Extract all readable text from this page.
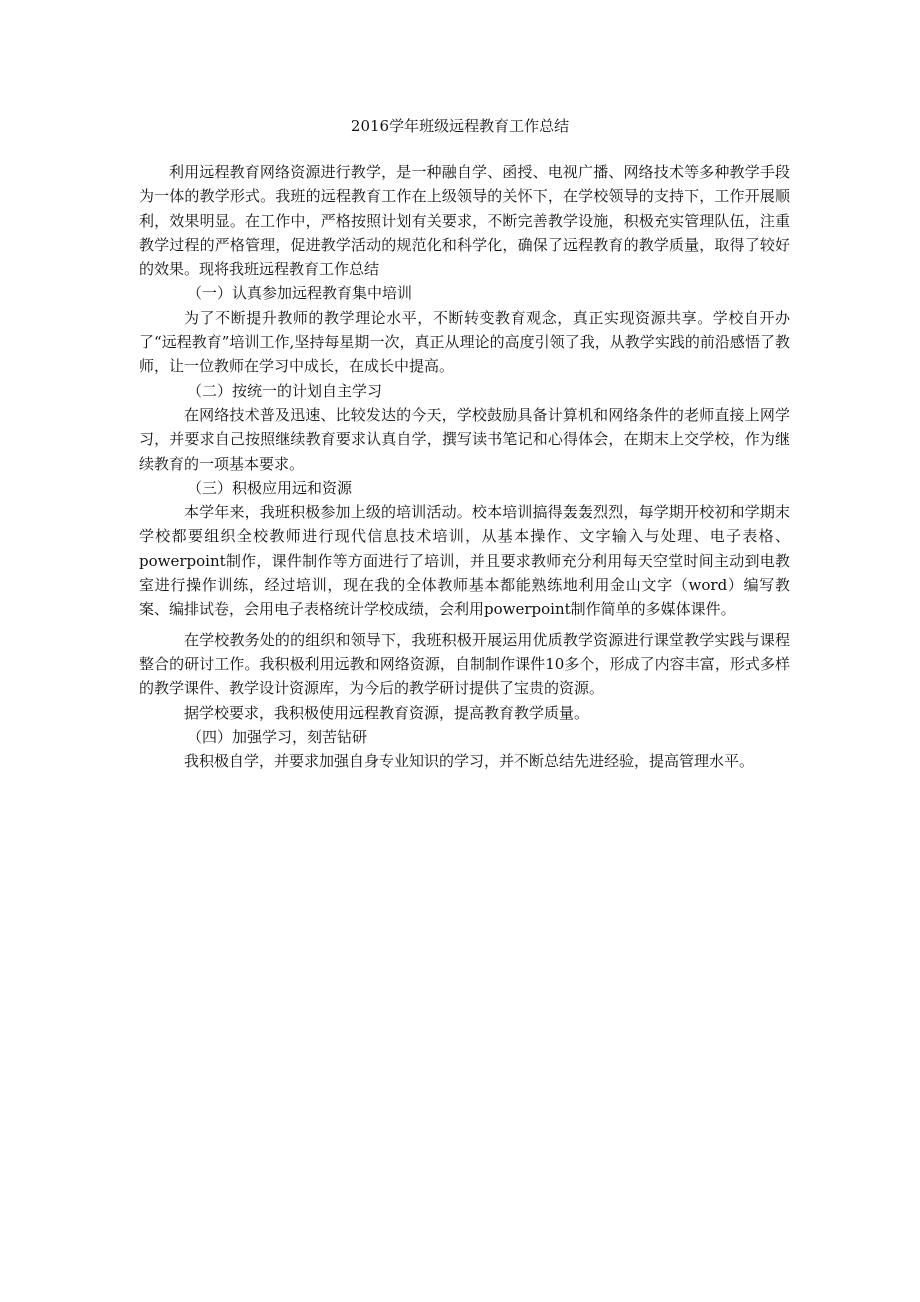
2016学年班级远程教育工作总结

利用远程教育网络资源进行教学，是一种融自学、函授、电视广播、网络技术等多种教学手段为一体的教学形式。我班的远程教育工作在上级领导的关怀下，在学校领导的支持下，工作开展顺利，效果明显。在工作中，严格按照计划有关要求，不断完善教学设施，积极充实管理队伍，注重教学过程的严格管理，促进教学活动的规范化和科学化，确保了远程教育的教学质量，取得了较好的效果。现将我班远程教育工作总结

（一）认真参加远程教育集中培训

为了不断提升教师的教学理论水平，不断转变教育观念，真正实现资源共享。学校自开办了“远程教育”培训工作,坚持每星期一次，真正从理论的高度引领了我，从教学实践的前沿感悟了教师，让一位教师在学习中成长，在成长中提高。

（二）按统一的计划自主学习

在网络技术普及迅速、比较发达的今天，学校鼓励具备计算机和网络条件的老师直接上网学习，并要求自己按照继续教育要求认真自学，撰写读书笔记和心得体会，在期末上交学校，作为继续教育的一项基本要求。

（三）积极应用远和资源

本学年来，我班积极参加上级的培训活动。校本培训搞得轰轰烈烈，每学期开校初和学期末学校都要组织全校教师进行现代信息技术培训，从基本操作、文字输入与处理、电子表格、powerpoint制作，课件制作等方面进行了培训，并且要求教师充分利用每天空堂时间主动到电教室进行操作训练，经过培训，现在我的全体教师基本都能熟练地利用金山文字（word）编写教案、编排试卷，会用电子表格统计学校成绩，会利用powerpoint制作简单的多媒体课件。

在学校教务处的的组织和领导下，我班积极开展运用优质教学资源进行课堂教学实践与课程整合的研讨工作。我积极利用远教和网络资源，自制制作课件10多个，形成了内容丰富，形式多样的教学课件、教学设计资源库，为今后的教学研讨提供了宝贵的资源。

据学校要求，我积极使用远程教育资源，提高教育教学质量。

（四）加强学习，刻苦钻研

我积极自学，并要求加强自身专业知识的学习，并不断总结先进经验，提高管理水平。
